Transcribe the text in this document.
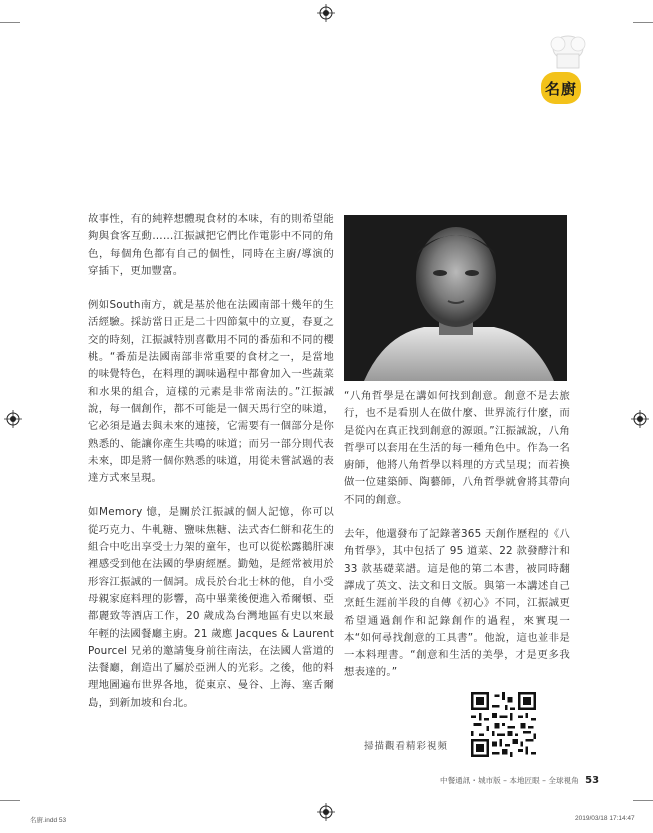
名廚

故事性，有的純粹想體現食材的本味，有的則希望能夠與食客互動……江振誠把它們比作電影中不同的角色，每個角色都有自己的個性，同時在主廚/導演的穿插下，更加豐富。

例如South南方，就是基於他在法國南部十幾年的生活經驗。採訪當日正是二十四節氣中的立夏，春夏之交的時刻，江振誠特別喜歡用不同的番茄和不同的櫻桃。“番茄是法國南部非常重要的食材之一，是當地的味覺特色，在料理的調味過程中都會加入一些蔬菜和水果的組合，這樣的元素是非常南法的。”江振誠說，每一個創作，都不可能是一個天馬行空的味道，它必須是過去與未來的連接，它需要有一個部分是你熟悉的、能讓你產生共鳴的味道；而另一部分則代表未來，即是將一個你熟悉的味道，用從未嘗試過的表達方式來呈現。

如Memory 憶，是關於江振誠的個人記憶，你可以從巧克力、牛軋糖、鹽味焦糖、法式杏仁餅和花生的組合中吃出享受士力架的童年，也可以從松露鵝肝凍裡感受到他在法國的學廚經歷。勤勉，是經常被用於形容江振誠的一個詞。成長於台北士林的他，自小受母親家庭料理的影響，高中畢業後便進入希爾頓、亞都麗致等酒店工作，20 歲成為台灣地區有史以來最年輕的法國餐廳主廚。21 歲應 Jacques & Laurent Pourcel 兄弟的邀請隻身前往南法，在法國人當道的法餐廳，創造出了屬於亞洲人的光彩。之後，他的料理地圖遍布世界各地，從東京、曼谷、上海、塞舌爾島，到新加坡和台北。

“八角哲學是在講如何找到創意。創意不是去旅行，也不是看別人在做什麼、世界流行什麼，而是從內在真正找到創意的源頭。”江振誠說，八角哲學可以套用在生活的每一種角色中。作為一名廚師，他將八角哲學以料理的方式呈現；而若換做一位建築師、陶藝師，八角哲學就會將其帶向不同的創意。

去年，他還發布了記錄著365 天創作歷程的《八角哲學》，其中包括了 95 道菜、22 款發酵汁和33 款基礎菜譜。這是他的第二本書，被同時翻譯成了英文、法文和日文版。與第一本講述自己烹飪生涯前半段的自傳《初心》不同，江振誠更希望通過創作和記錄創作的過程，來實現一本“如何尋找創意的工具書”。他說，這也並非是一本料理書。“創意和生活的美學，才是更多我想表達的。”

掃描觀看精彩視頻
中餐通訊・城市版 – 本地匠眼 – 全球視角 53
名廚.indd 53	2019/03/18 17:14:47
